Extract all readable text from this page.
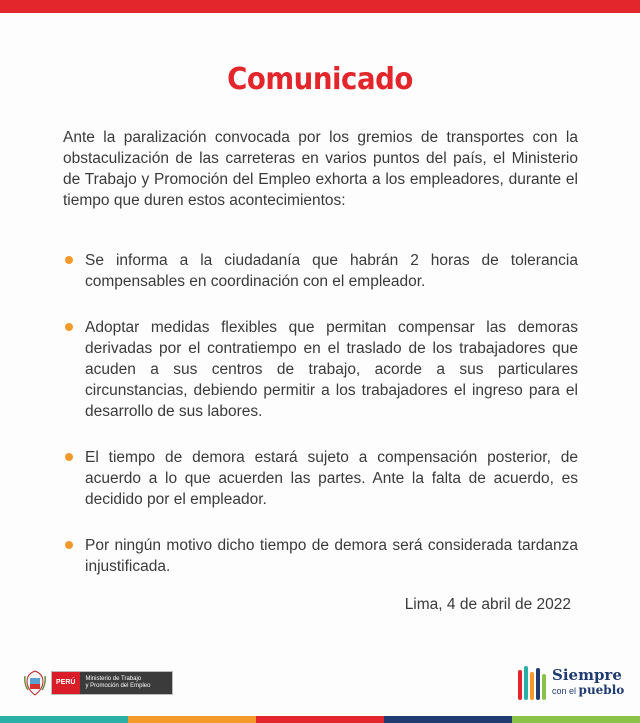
Comunicado
Ante la paralización convocada por los gremios de transportes con la obstaculización de las carreteras en varios puntos del país, el Ministerio de Trabajo y Promoción del Empleo exhorta a los empleadores, durante el tiempo que duren estos acontecimientos:
Se informa a la ciudadanía que habrán 2 horas de tolerancia compensables en coordinación con el empleador.
Adoptar medidas flexibles que permitan compensar las demoras derivadas por el contratiempo en el traslado de los trabajadores que acuden a sus centros de trabajo, acorde a sus particulares circunstancias, debiendo permitir a los trabajadores el ingreso para el desarrollo de sus labores.
El tiempo de demora estará sujeto a compensación posterior, de acuerdo a lo que acuerden las partes. Ante la falta de acuerdo, es decidido por el empleador.
Por ningún motivo dicho tiempo de demora será considerada tardanza injustificada.
Lima, 4 de abril de 2022
PERÚ	Ministerio de Trabajo
y Promoción del Empleo
Siempre
con el pueblo
